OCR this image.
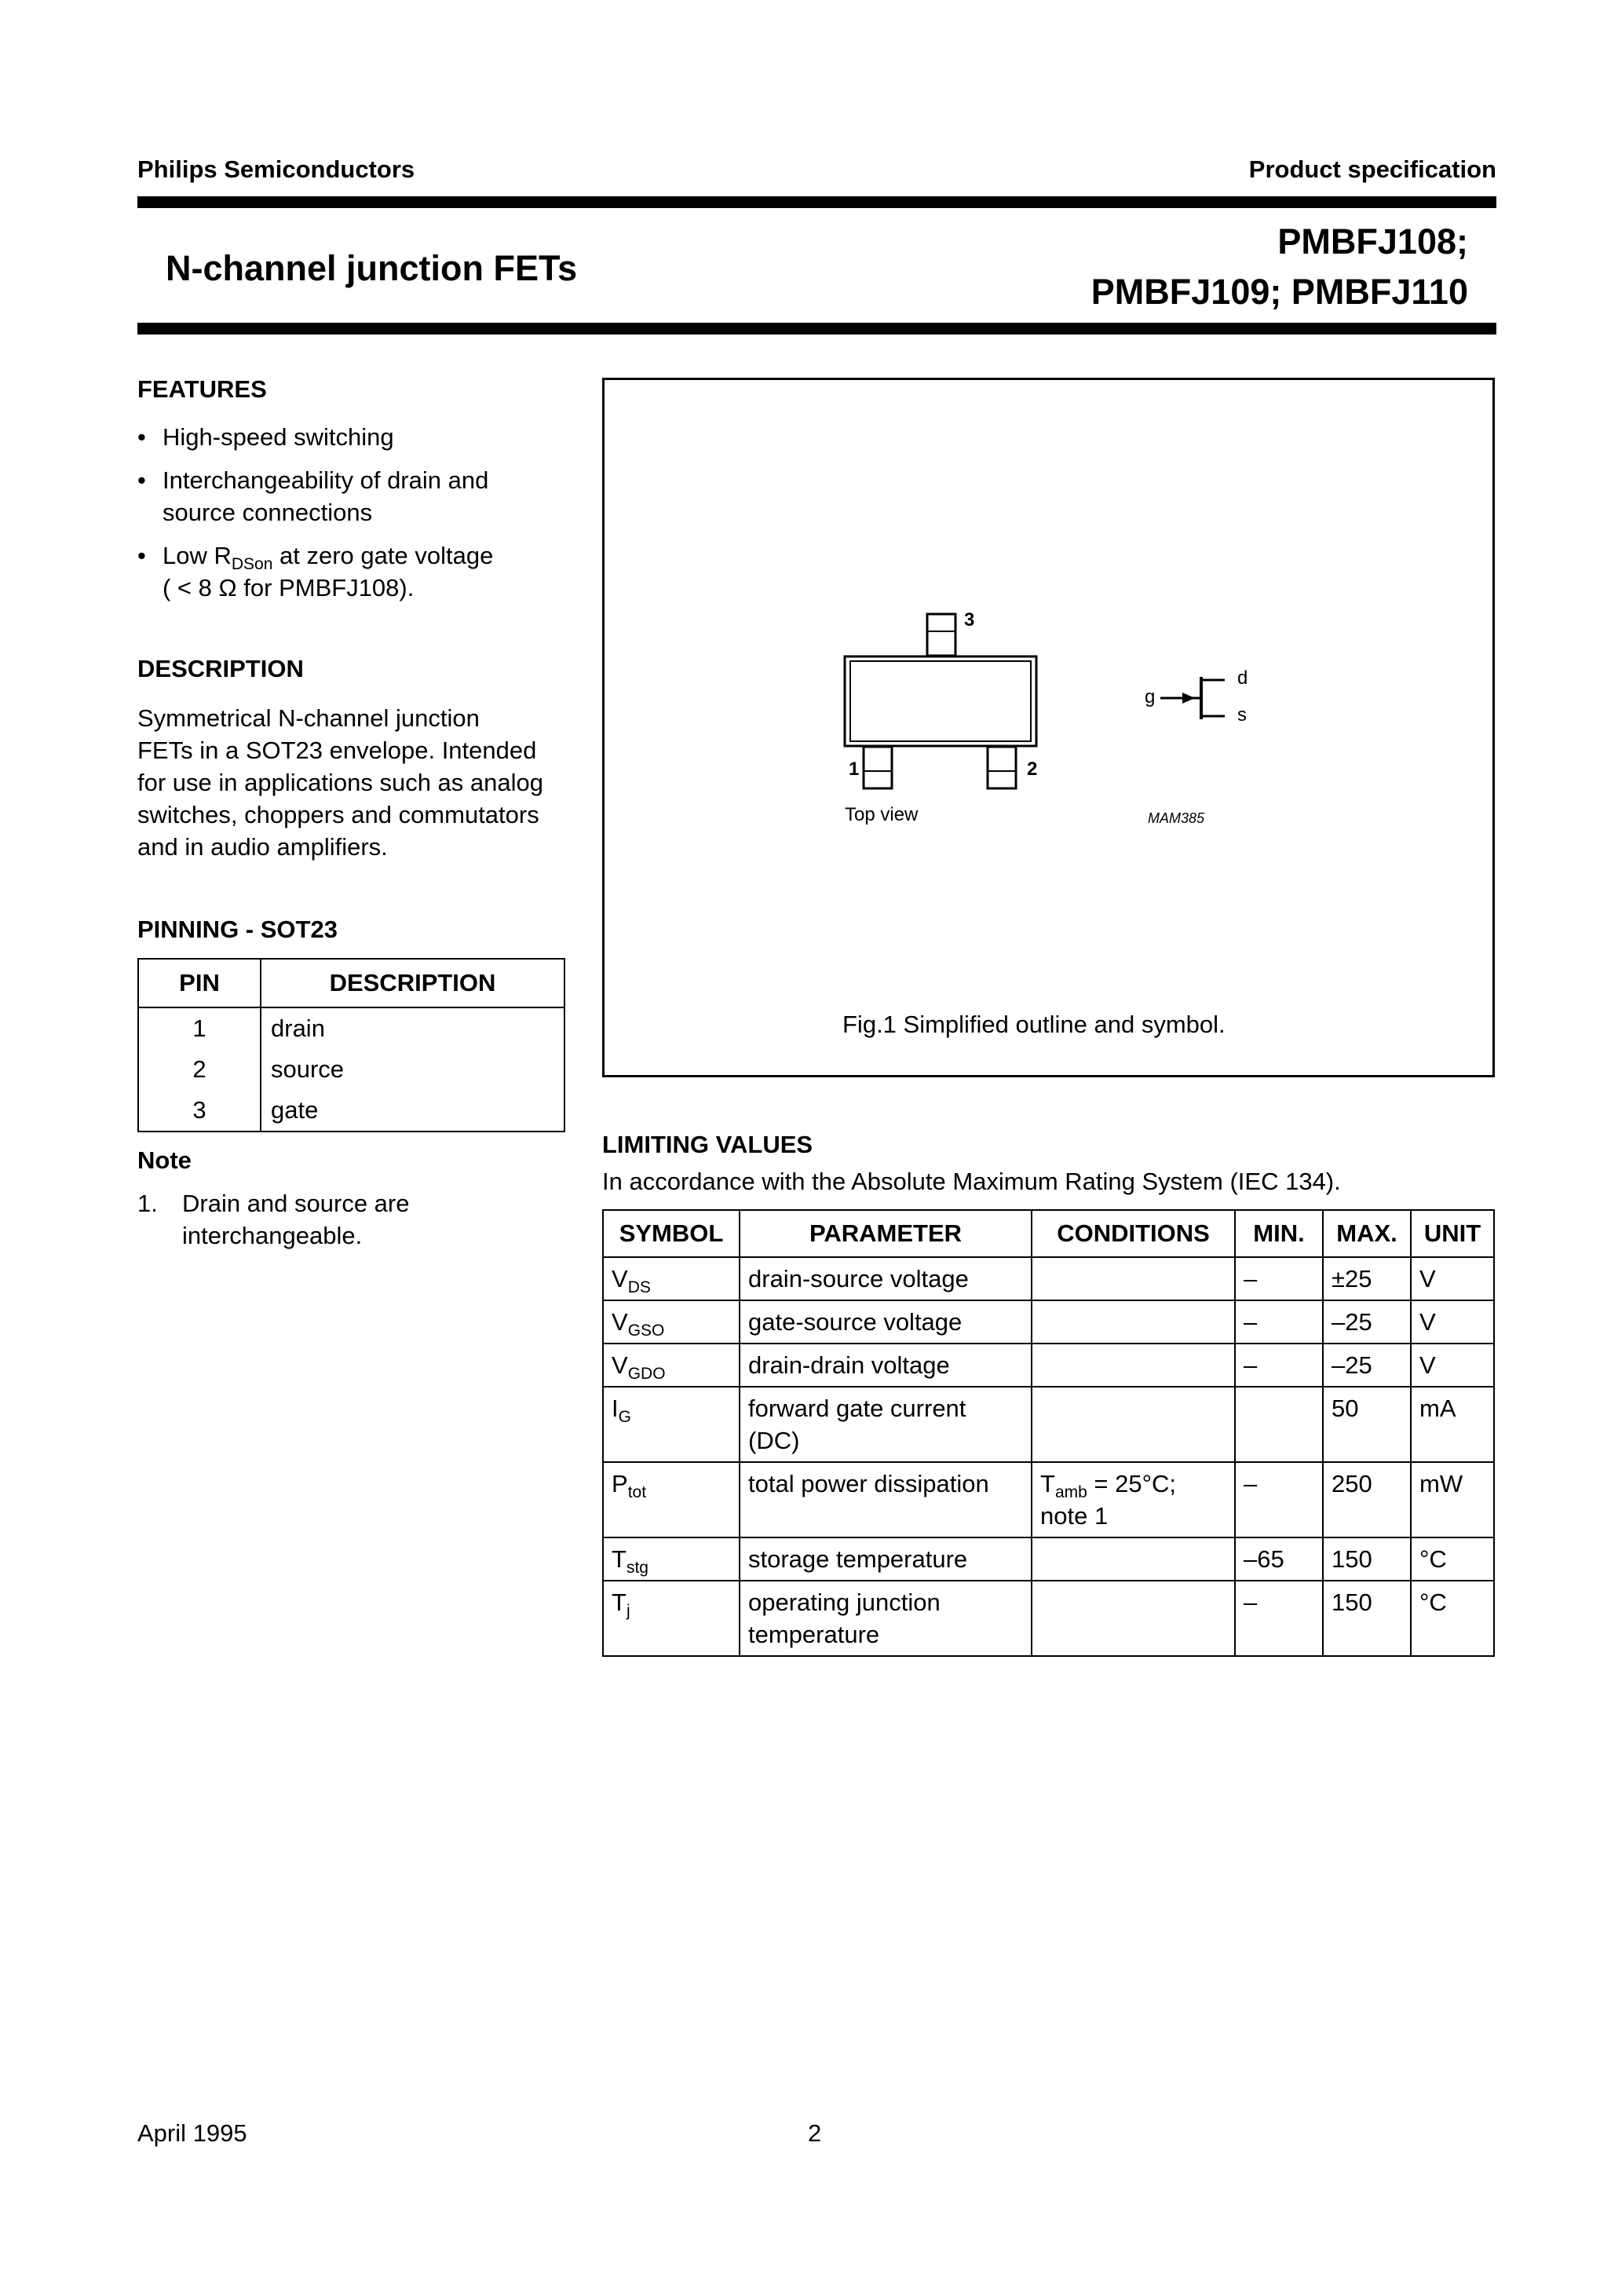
Philips Semiconductors	Product specification
N-channel junction FETs
PMBFJ108;
PMBFJ109; PMBFJ110
FEATURES
• High-speed switching
• Interchangeability of drain and
source connections
• Low $R_{DSon}$ at zero gate voltage
( < 8 Ω for PMBFJ108).
DESCRIPTION
Symmetrical N-channel junction
FETs in a SOT23 envelope. Intended
for use in applications such as analog
switches, choppers and commutators
and in audio amplifiers.
PINNING - SOT23
PIN	DESCRIPTION
1	drain
2	source
3	gate
Note
1. Drain and source are
interchangeable.
3
1	2
Top view	MAM385
g
d
s
Fig.1 Simplified outline and symbol.
LIMITING VALUES
In accordance with the Absolute Maximum Rating System (IEC 134).
SYMBOL	PARAMETER	CONDITIONS	MIN.	MAX.	UNIT
$V_{DS}$	drain-source voltage		–	±25	V
$V_{GSO}$	gate-source voltage		–	–25	V
$V_{GDO}$	drain-drain voltage		–	–25	V
$I_G$	forward gate current (DC)			50	mA
$P_{tot}$	total power dissipation	$T_{amb} = 25^\circ C$; note 1	–	250	mW
$T_{stg}$	storage temperature		–65	150	°C
$T_j$	operating junction temperature		–	150	°C
April 1995	2
